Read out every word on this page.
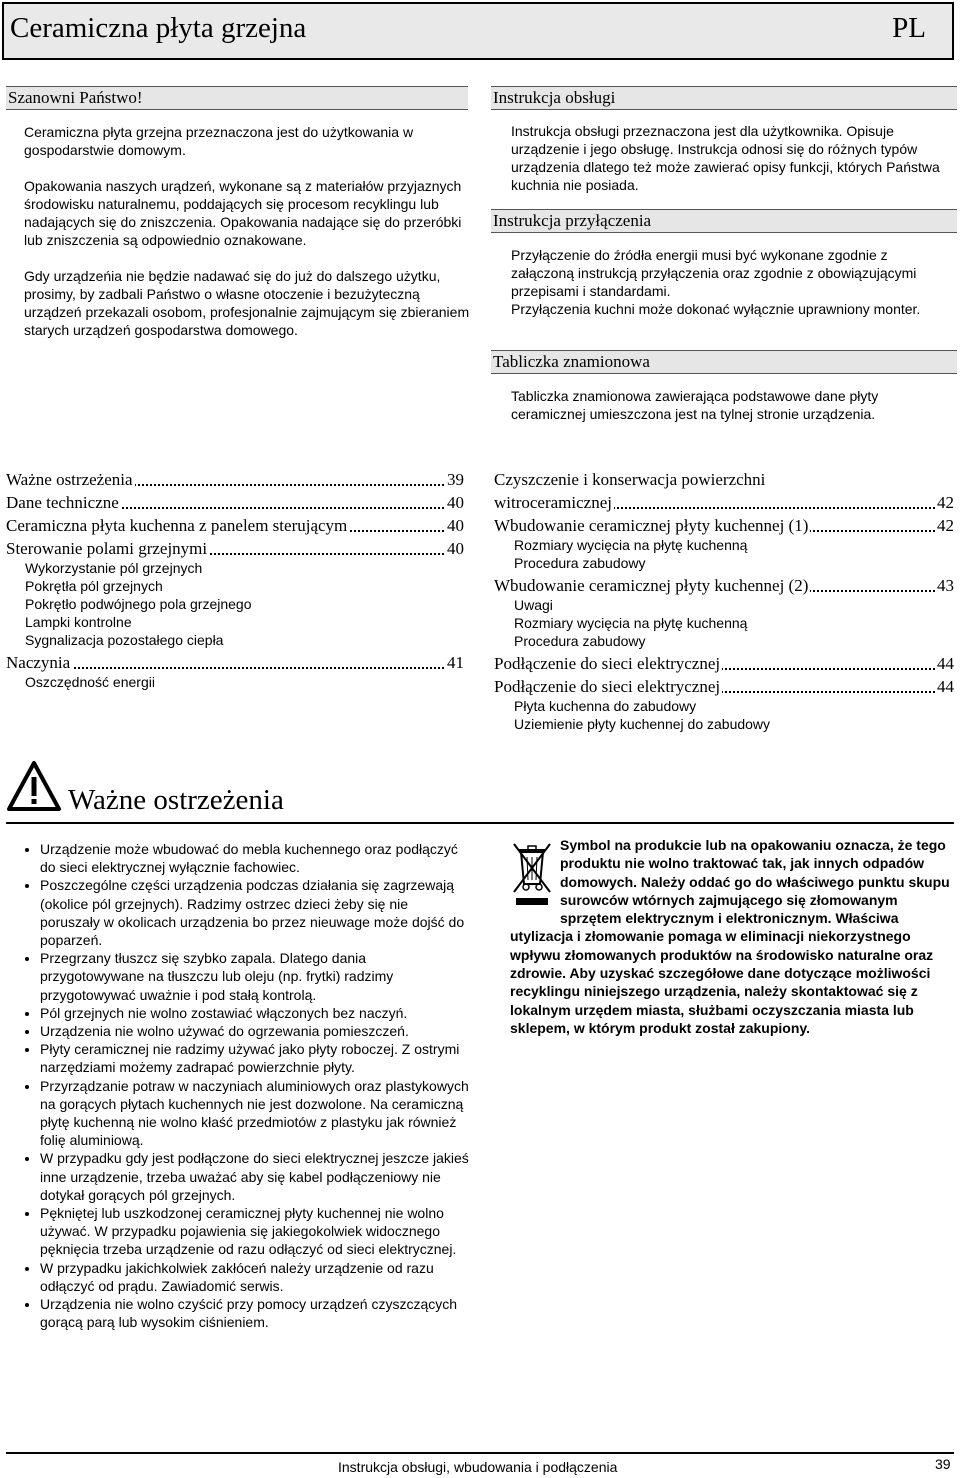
Ceramiczna płyta grzejna	PL
Szanowni Państwo!

Ceramiczna płyta grzejna przeznaczona jest do użytkowania w gospodarstwie domowym.

Opakowania naszych urądzeń, wykonane są z materiałów przyjaznych środowisku naturalnemu, poddających się procesom recyklingu lub nadających się do zniszczenia. Opakowania nadające się do przeróbki lub zniszczenia są odpowiednio oznakowane.

Gdy urządzeńia nie będzie nadawać się do już do dalszego użytku, prosimy, by zadbali Państwo o własne otoczenie i bezużyteczną urządzeń przekazali osobom, profesjonalnie zajmującym się zbieraniem starych urządzeń gospodarstwa domowego.

Instrukcja obsługi
Instrukcja obsługi przeznaczona jest dla użytkownika. Opisuje urządzenie i jego obsługę. Instrukcja odnosi się do różnych typów urządzenia dlatego też może zawierać opisy funkcji, których Państwa kuchnia nie posiada.
Instrukcja przyłączenia

Przyłączenie do źródła energii musi być wykonane zgodnie z załączoną instrukcją przyłączenia oraz zgodnie z obowiązującymi przepisami i standardami.

Przyłączenia kuchni może dokonać wyłącznie uprawniony monter.

Tabliczka znamionowa
Tabliczka znamionowa zawierająca podstawowe dane płyty ceramicznej umieszczona jest na tylnej stronie urządzenia.
Ważne ostrzeżenia	39
Dane techniczne	40
Ceramiczna płyta kuchenna z panelem sterującym	40
Sterowanie polami grzejnymi	40
Wykorzystanie pól grzejnych
Pokrętła pól grzejnych
Pokrętło podwójnego pola grzejnego
Lampki kontrolne
Sygnalizacja pozostałego ciepła
Naczynia	41
Oszczędność energii
Czyszczenie i konserwacja powierzchni
witroceramicznej	42
Wbudowanie ceramicznej płyty kuchennej (1)	42
Rozmiary wycięcia na płytę kuchenną
Procedura zabudowy
Wbudowanie ceramicznej płyty kuchennej (2)	43
Uwagi
Rozmiary wycięcia na płytę kuchenną
Procedura zabudowy
Podłączenie do sieci elektrycznej	44
Podłączenie do sieci elektrycznej	44
Płyta kuchenna do zabudowy
Uziemienie płyty kuchennej do zabudowy
Ważne ostrzeżenia
• Urządzenie może wbudować do mebla kuchennego oraz podłączyć do sieci elektrycznej wyłącznie fachowiec.
• Poszczególne części urządzenia podczas działania się zagrzewają (okolice pól grzejnych). Radzimy ostrzec dzieci żeby się nie poruszały w okolicach urządzenia bo przez nieuwage może dojść do poparzeń.
• Przegrzany tłuszcz się szybko zapala. Dlatego dania przygotowywane na tłuszczu lub oleju (np. frytki) radzimy przygotowywać uważnie i pod stałą kontrolą.
• Pól grzejnych nie wolno zostawiać włączonych bez naczyń.
• Urządzenia nie wolno używać do ogrzewania pomieszczeń.
• Płyty ceramicznej nie radzimy używać jako płyty roboczej. Z ostrymi narzędziami możemy zadrapać powierzchnie płyty.
• Przyrządzanie potraw w naczyniach aluminiowych oraz plastykowych na gorących płytach kuchennych nie jest dozwolone. Na ceramiczną płytę kuchenną nie wolno kłaść przedmiotów z plastyku jak również folię aluminiową.
• W przypadku gdy jest podłączone do sieci elektrycznej jeszcze jakieś inne urządzenie, trzeba uważać aby się kabel podłączeniowy nie dotykał gorących pól grzejnych.
• Pękniętej lub uszkodzonej ceramicznej płyty kuchennej nie wolno używać. W przypadku pojawienia się jakiegokolwiek widocznego pęknięcia trzeba urządzenie od razu odłączyć od sieci elektrycznej.
• W przypadku jakichkolwiek zakłóceń należy urządzenie od razu odłączyć od prądu. Zawiadomić serwis.
• Urządzenia nie wolno czyścić przy pomocy urządzeń czyszczących gorącą parą lub wysokim ciśnieniem.
Symbol na produkcie lub na opakowaniu oznacza, że tego produktu nie wolno traktować tak, jak innych odpadów domowych. Należy oddać go do właściwego punktu skupu surowców wtórnych zajmującego się złomowanym sprzętem elektrycznym i elektronicznym. Właściwa utylizacja i złomowanie pomaga w eliminacji niekorzystnego wpływu złomowanych produktów na środowisko naturalne oraz zdrowie. Aby uzyskać szczegółowe dane dotyczące możliwości recyklingu niniejszego urządzenia, należy skontaktować się z lokalnym urzędem miasta, służbami oczyszczania miasta lub sklepem, w którym produkt został zakupiony.
Instrukcja obsługi, wbudowania i podłączenia	39
